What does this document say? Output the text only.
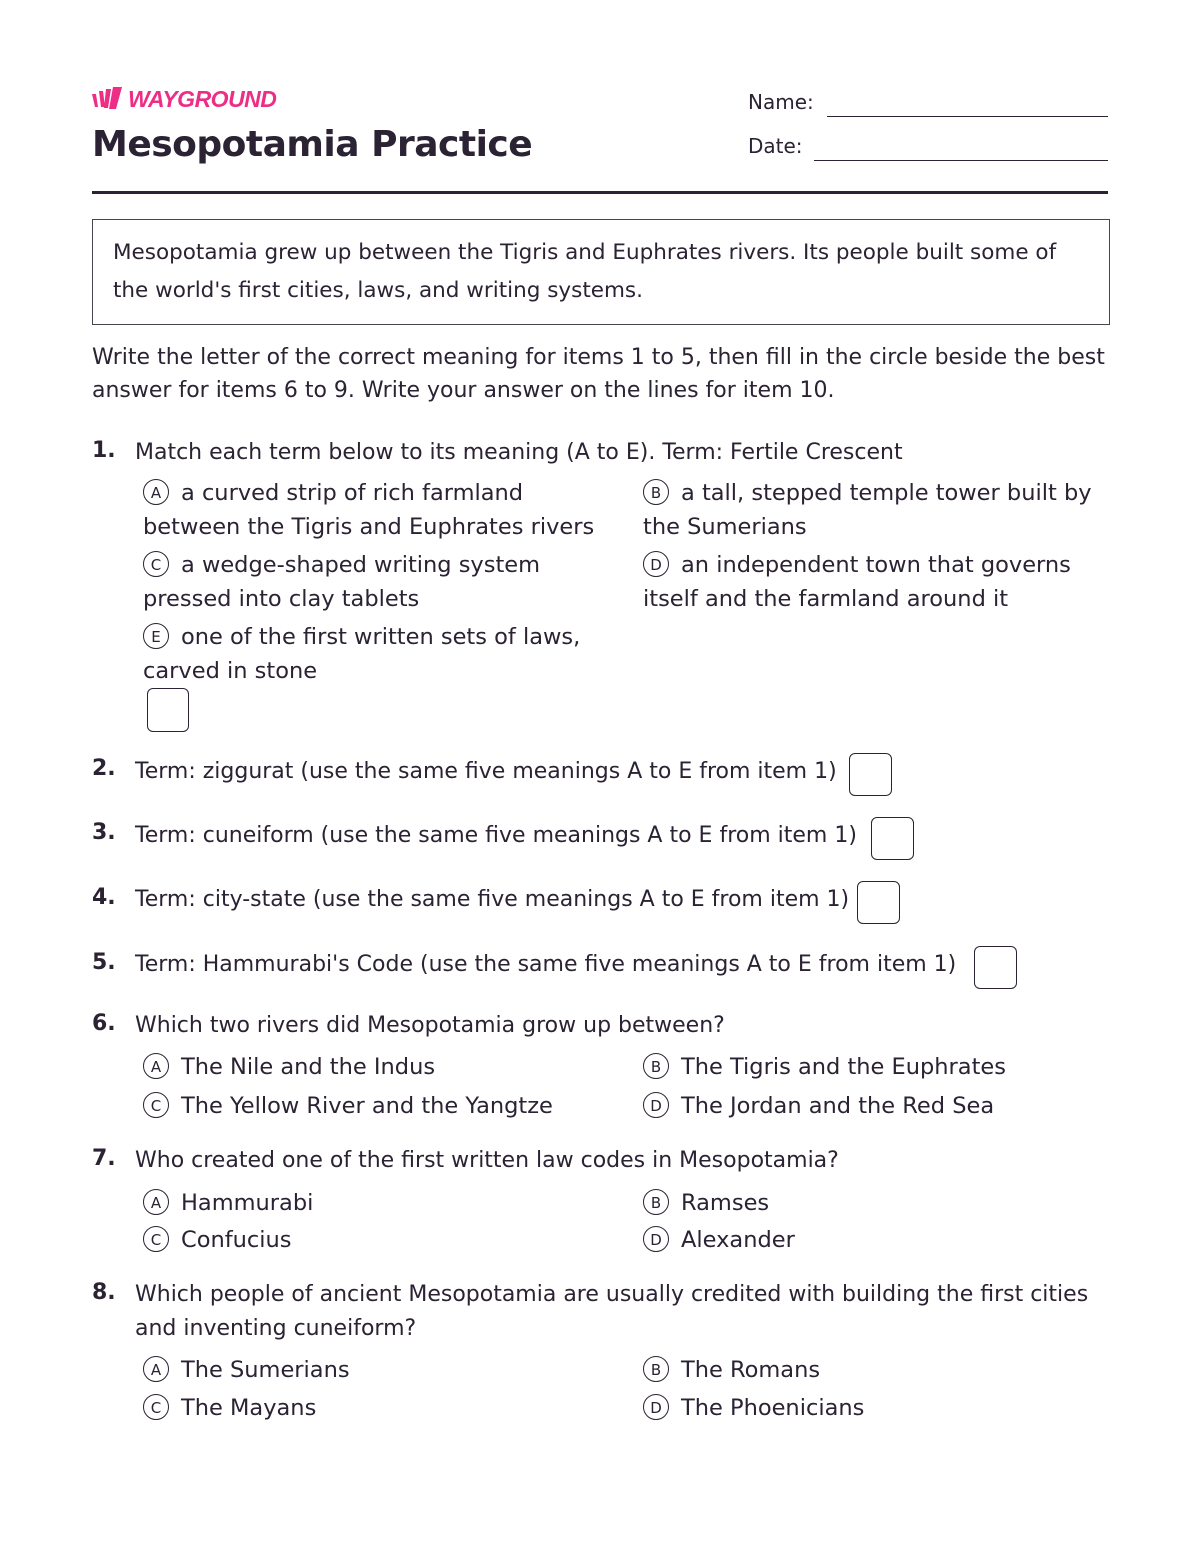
WAYGROUND
Mesopotamia Practice
Name:
Date:
Mesopotamia grew up between the Tigris and Euphrates rivers. Its people built some of the world's first cities, laws, and writing systems.
Write the letter of the correct meaning for items 1 to 5, then fill in the circle beside the best answer for items 6 to 9. Write your answer on the lines for item 10.
1. Match each term below to its meaning (A to E). Term: Fertile Crescent
A a curved strip of rich farmland between the Tigris and Euphrates rivers
B a tall, stepped temple tower built by the Sumerians
C a wedge-shaped writing system pressed into clay tablets
D an independent town that governs itself and the farmland around it
E one of the first written sets of laws, carved in stone
2. Term: ziggurat (use the same five meanings A to E from item 1)
3. Term: cuneiform (use the same five meanings A to E from item 1)
4. Term: city-state (use the same five meanings A to E from item 1)
5. Term: Hammurabi's Code (use the same five meanings A to E from item 1)
6. Which two rivers did Mesopotamia grow up between?
A The Nile and the Indus	B The Tigris and the Euphrates
C The Yellow River and the Yangtze	D The Jordan and the Red Sea
7. Who created one of the first written law codes in Mesopotamia?
A Hammurabi	B Ramses
C Confucius	D Alexander
8. Which people of ancient Mesopotamia are usually credited with building the first cities and inventing cuneiform?
A The Sumerians	B The Romans
C The Mayans	D The Phoenicians
